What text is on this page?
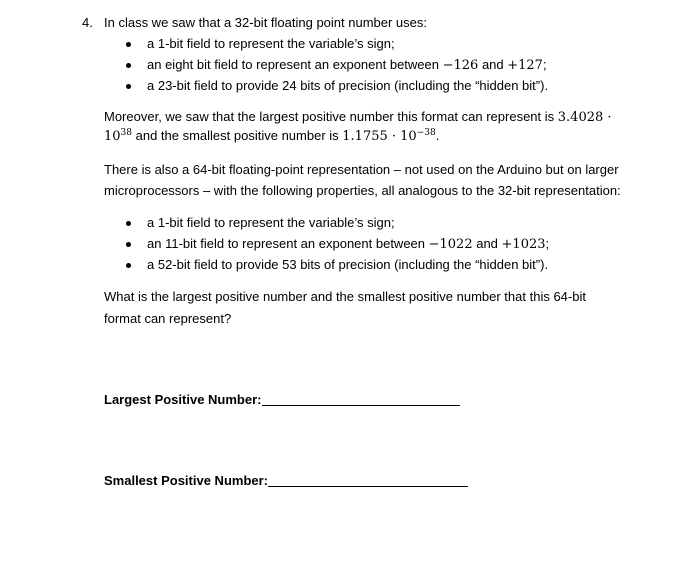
4. In class we saw that a 32-bit floating point number uses:
a 1-bit field to represent the variable’s sign;
an eight bit field to represent an exponent between −126 and +127;
a 23-bit field to provide 24 bits of precision (including the “hidden bit”).
Moreover, we saw that the largest positive number this format can represent is 3.4028 ·
$10^{38}$ and the smallest positive number is $1.1755 \cdot 10^{-38}$.
There is also a 64-bit floating-point representation – not used on the Arduino but on larger
microprocessors – with the following properties, all analogous to the 32-bit representation:
a 1-bit field to represent the variable’s sign;
an 11-bit field to represent an exponent between −1022 and +1023;
a 52-bit field to provide 53 bits of precision (including the “hidden bit”).
What is the largest positive number and the smallest positive number that this 64-bit
format can represent?
Largest Positive Number:
Smallest Positive Number:
